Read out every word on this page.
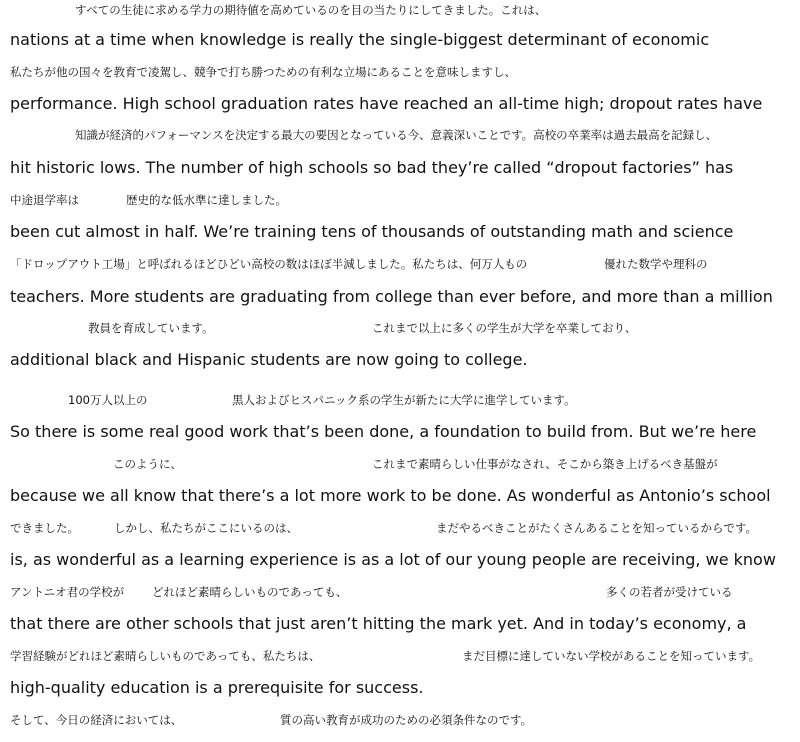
すべての生徒に求める学力の期待値を高めているのを目の当たりにしてきました。これは、
nations at a time when knowledge is really the single-biggest determinant of economic
私たちが他の国々を教育で凌駕し、競争で打ち勝つための有利な立場にあることを意味しますし、
performance. High school graduation rates have reached an all-time high; dropout rates have
知識が経済的パフォーマンスを決定する最大の要因となっている今、意義深いことです。高校の卒業率は過去最高を記録し、
hit historic lows. The number of high schools so bad they’re called “dropout factories” has
中途退学率は	歴史的な低水準に達しました。
been cut almost in half. We’re training tens of thousands of outstanding math and science
「ドロップアウト工場」と呼ばれるほどひどい高校の数はほぼ半減しました。私たちは、何万人もの	優れた数学や理科の
teachers. More students are graduating from college than ever before, and more than a million
教員を育成しています。	これまで以上に多くの学生が大学を卒業しており、
additional black and Hispanic students are now going to college.
100万人以上の	黒人およびヒスパニック系の学生が新たに大学に進学しています。
So there is some real good work that’s been done, a foundation to build from. But we’re here
このように、	これまで素晴らしい仕事がなされ、そこから築き上げるべき基盤が
because we all know that there’s a lot more work to be done. As wonderful as Antonio’s school
できました。	しかし、私たちがここにいるのは、	まだやるべきことがたくさんあることを知っているからです。
is, as wonderful as a learning experience is as a lot of our young people are receiving, we know
アントニオ君の学校が どれほど素晴らしいものであっても、	多くの若者が受けている
that there are other schools that just aren’t hitting the mark yet. And in today’s economy, a
学習経験がどれほど素晴らしいものであっても、私たちは、	まだ目標に達していない学校があることを知っています。
high-quality education is a prerequisite for success.
そして、今日の経済においては、	質の高い教育が成功のための必須条件なのです。
